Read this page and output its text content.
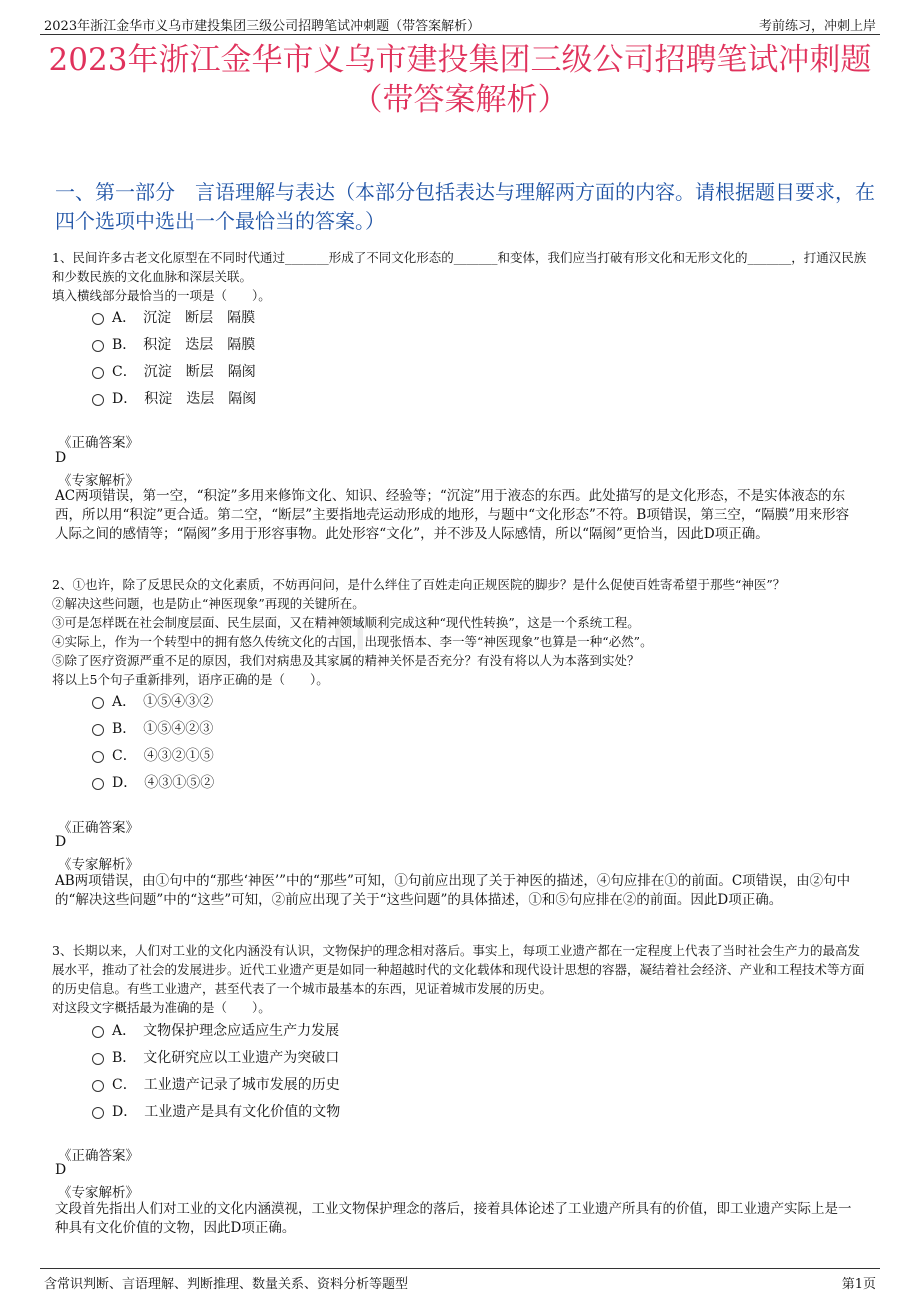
2023年浙江金华市义乌市建投集团三级公司招聘笔试冲刺题（带答案解析）	考前练习，冲刺上岸
2023年浙江金华市义乌市建投集团三级公司招聘笔试冲刺题
（带答案解析）
一、第一部分　言语理解与表达（本部分包括表达与理解两方面的内容。请根据题目要求，在四个选项中选出一个最恰当的答案。）
n

1、民间许多古老文化原型在不同时代通过_______形成了不同文化形态的_______和变体，我们应当打破有形文化和无形文化的_______，打通汉民族和少数民族的文化血脉和深层关联。

填入横线部分最恰当的一项是（　　）。

A．　沉淀　断层　隔膜
B．　积淀　迭层　隔膜
C．　沉淀　断层　隔阂
D．　积淀　迭层　隔阂
《正确答案》
D
《专家解析》
AC两项错误，第一空，“积淀”多用来修饰文化、知识、经验等；“沉淀”用于液态的东西。此处描写的是文化形态，不是实体液态的东西，所以用“积淀”更合适。第二空，“断层”主要指地壳运动形成的地形，与题中“文化形态”不符。B项错误，第三空，“隔膜”用来形容人际之间的感情等；“隔阂”多用于形容事物。此处形容“文化”，并不涉及人际感情，所以“隔阂”更恰当，因此D项正确。

2、①也许，除了反思民众的文化素质，不妨再问问，是什么绊住了百姓走向正规医院的脚步？是什么促使百姓寄希望于那些“神医”？

②解决这些问题，也是防止“神医现象”再现的关键所在。

③可是怎样既在社会制度层面、民生层面，又在精神领域顺利完成这种“现代性转换”，这是一个系统工程。

④实际上，作为一个转型中的拥有悠久传统文化的古国，出现张悟本、李一等“神医现象”也算是一种“必然”。

⑤除了医疗资源严重不足的原因，我们对病患及其家属的精神关怀是否充分？有没有将以人为本落到实处？

将以上5个句子重新排列，语序正确的是（　　）。

A．　①⑤④③②
B．　①⑤④②③
C．　④③②①⑤
D．　④③①⑤②
《正确答案》
D
《专家解析》
AB两项错误，由①句中的“那些‘神医’”中的“那些”可知，①句前应出现了关于神医的描述，④句应排在①的前面。C项错误，由②句中的“解决这些问题”中的“这些”可知，②前应出现了关于“这些问题”的具体描述，①和⑤句应排在②的前面。因此D项正确。

3、长期以来，人们对工业的文化内涵没有认识，文物保护的理念相对落后。事实上，每项工业遗产都在一定程度上代表了当时社会生产力的最高发展水平，推动了社会的发展进步。近代工业遗产更是如同一种超越时代的文化载体和现代设计思想的容器，凝结着社会经济、产业和工程技术等方面的历史信息。有些工业遗产，甚至代表了一个城市最基本的东西，见证着城市发展的历史。

对这段文字概括最为准确的是（　　）。

A．　文物保护理念应适应生产力发展
B．　文化研究应以工业遗产为突破口
C．　工业遗产记录了城市发展的历史
D．　工业遗产是具有文化价值的文物
《正确答案》
D
《专家解析》
文段首先指出人们对工业的文化内涵漠视，工业文物保护理念的落后，接着具体论述了工业遗产所具有的价值，即工业遗产实际上是一种具有文化价值的文物，因此D项正确。
含常识判断、言语理解、判断推理、数量关系、资料分析等题型	第1页
